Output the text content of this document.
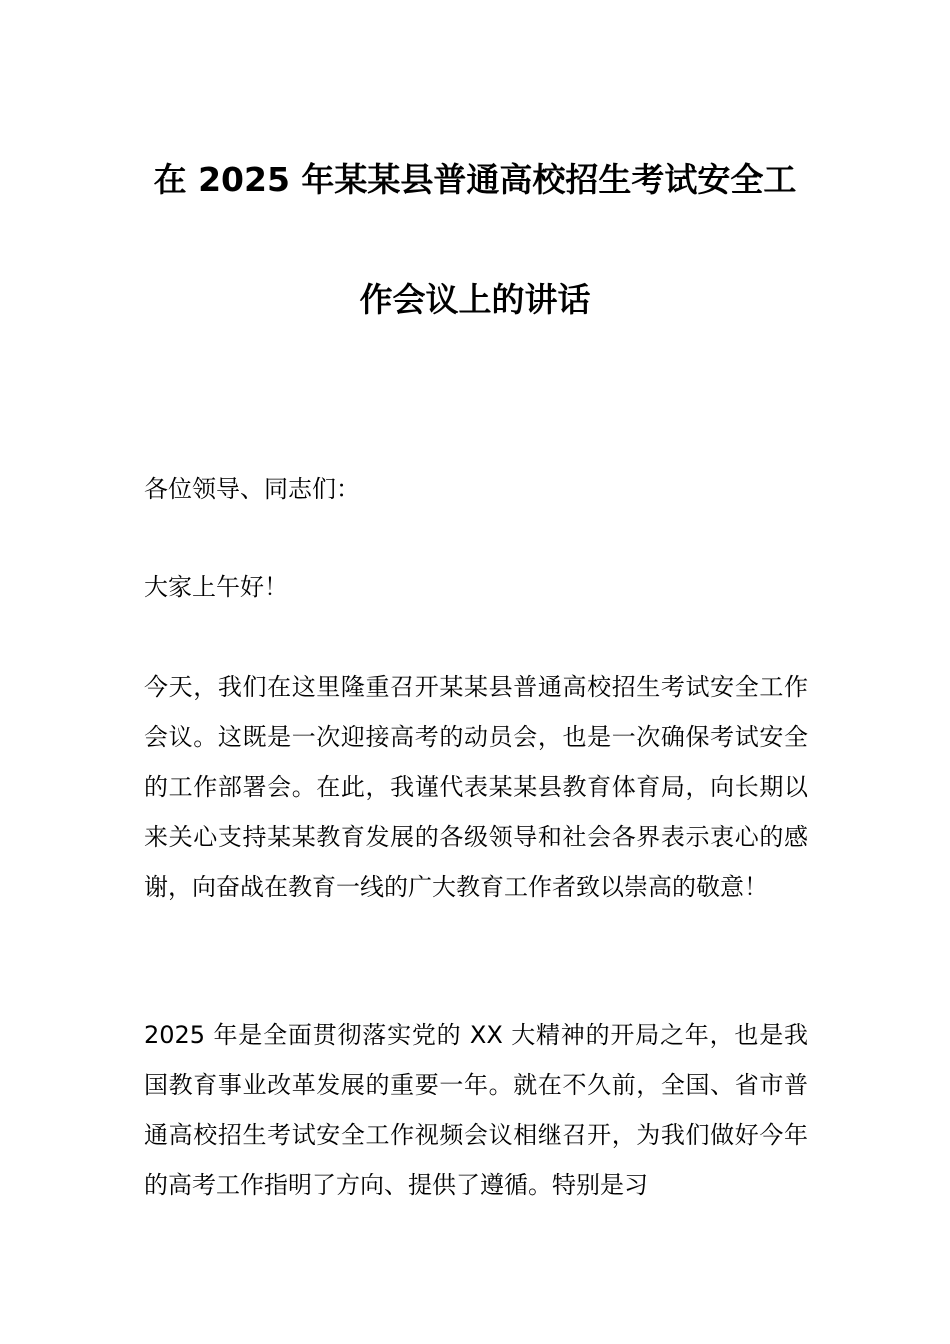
在 2025 年某某县普通高校招生考试安全工
作会议上的讲话

各位领导、同志们：

大家上午好！

今天，我们在这里隆重召开某某县普通高校招生考试安全工作会议。这既是一次迎接高考的动员会，也是一次确保考试安全的工作部署会。在此，我谨代表某某县教育体育局，向长期以来关心支持某某教育发展的各级领导和社会各界表示衷心的感谢，向奋战在教育一线的广大教育工作者致以崇高的敬意！

2025 年是全面贯彻落实党的 XX 大精神的开局之年，也是我国教育事业改革发展的重要一年。就在不久前，全国、省市普通高校招生考试安全工作视频会议相继召开，为我们做好今年的高考工作指明了方向、提供了遵循。特别是习
